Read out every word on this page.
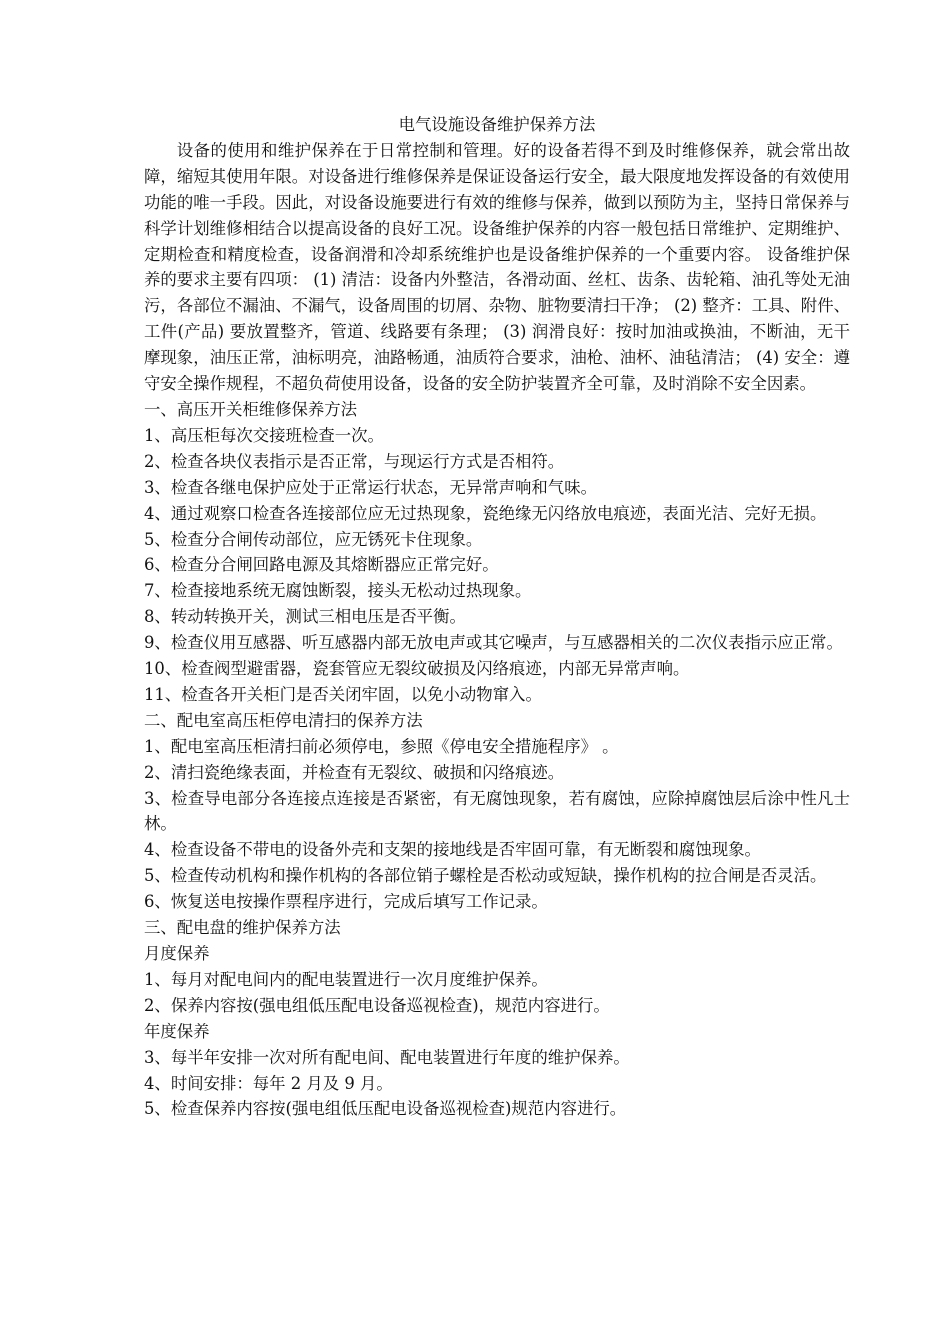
电气设施设备维护保养方法

设备的使用和维护保养在于日常控制和管理。好的设备若得不到及时维修保养，就会常出故障，缩短其使用年限。对设备进行维修保养是保证设备运行安全，最大限度地发挥设备的有效使用功能的唯一手段。因此，对设备设施要进行有效的维修与保养，做到以预防为主，坚持日常保养与科学计划维修相结合以提高设备的良好工况。设备维护保养的内容一般包括日常维护、定期维护、定期检查和精度检查，设备润滑和冷却系统维护也是设备维护保养的一个重要内容。 设备维护保养的要求主要有四项： (1) 清洁：设备内外整洁，各滑动面、丝杠、齿条、齿轮箱、油孔等处无油污，各部位不漏油、不漏气，设备周围的切屑、杂物、脏物要清扫干净； (2) 整齐：工具、附件、工件(产品) 要放置整齐，管道、线路要有条理； (3) 润滑良好：按时加油或换油，不断油，无干摩现象，油压正常，油标明亮，油路畅通，油质符合要求，油枪、油杯、油毡清洁； (4) 安全：遵守安全操作规程，不超负荷使用设备，设备的安全防护装置齐全可靠，及时消除不安全因素。

一、高压开关柜维修保养方法

1、高压柜每次交接班检查一次。

2、检查各块仪表指示是否正常，与现运行方式是否相符。

3、检查各继电保护应处于正常运行状态，无异常声响和气味。

4、通过观察口检查各连接部位应无过热现象，瓷绝缘无闪络放电痕迹，表面光洁、完好无损。

5、检查分合闸传动部位，应无锈死卡住现象。

6、检查分合闸回路电源及其熔断器应正常完好。

7、检查接地系统无腐蚀断裂，接头无松动过热现象。

8、转动转换开关，测试三相电压是否平衡。

9、检查仪用互感器、听互感器内部无放电声或其它噪声，与互感器相关的二次仪表指示应正常。

10、检查阀型避雷器，瓷套管应无裂纹破损及闪络痕迹，内部无异常声响。

11、检查各开关柜门是否关闭牢固，以免小动物窜入。

二、配电室高压柜停电清扫的保养方法

1、配电室高压柜清扫前必须停电，参照《停电安全措施程序》 。

2、清扫瓷绝缘表面，并检查有无裂纹、破损和闪络痕迹。

3、检查导电部分各连接点连接是否紧密，有无腐蚀现象，若有腐蚀，应除掉腐蚀层后涂中性凡士林。

4、检查设备不带电的设备外壳和支架的接地线是否牢固可靠，有无断裂和腐蚀现象。

5、检查传动机构和操作机构的各部位销子螺栓是否松动或短缺，操作机构的拉合闸是否灵活。

6、恢复送电按操作票程序进行，完成后填写工作记录。

三、配电盘的维护保养方法

月度保养

1、每月对配电间内的配电装置进行一次月度维护保养。

2、保养内容按(强电组低压配电设备巡视检查)，规范内容进行。

年度保养

3、每半年安排一次对所有配电间、配电装置进行年度的维护保养。

4、时间安排：每年 2 月及 9 月。

5、检查保养内容按(强电组低压配电设备巡视检查)规范内容进行。
